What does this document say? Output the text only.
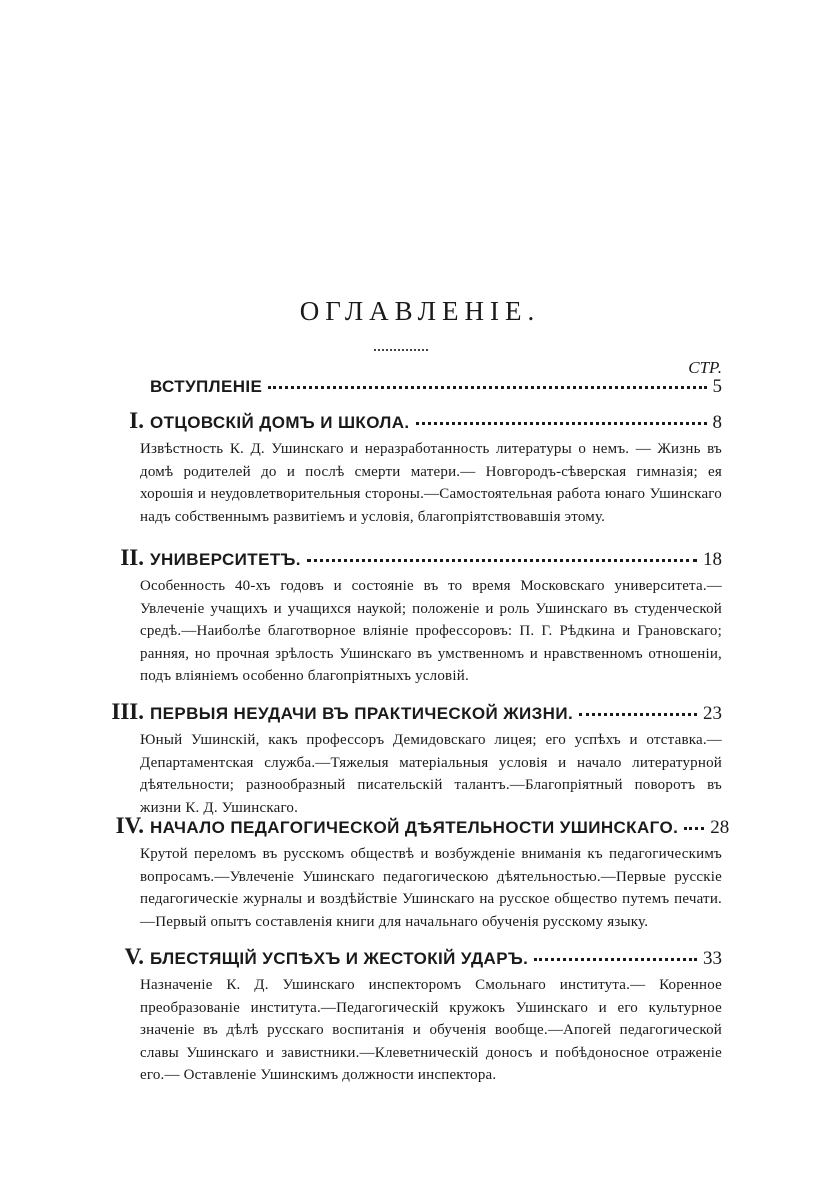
ОГЛАВЛЕНІЕ.
СТР.
ВСТУПЛЕНІЕ	5
I. ОТЦОВСКІЙ ДОМЪ И ШКОЛА.	8
Извѣстность К. Д. Ушинскаго и неразработанность литературы о немъ. — Жизнь въ домѣ родителей до и послѣ смерти матери.— Новгородъ-сѣверская гимназія; ея хорошія и неудовлетворительныя стороны.—Самостоятельная работа юнаго Ушинскаго надъ собственнымъ развитіемъ и условія, благопріятствовавшія этому.
II. УНИВЕРСИТЕТЪ.	18
Особенность 40-хъ годовъ и состояніе въ то время Московскаго университета.—Увлеченіе учащихъ и учащихся наукой; положеніе и роль Ушинскаго въ студенческой средѣ.—Наиболѣе благотворное вліяніе профессоровъ: П. Г. Рѣдкина и Грановскаго; ранняя, но прочная зрѣлость Ушинскаго въ умственномъ и нравственномъ отношеніи, подъ вліяніемъ особенно благопріятныхъ условій.
III. ПЕРВЫЯ НЕУДАЧИ ВЪ ПРАКТИЧЕСКОЙ ЖИЗНИ.	23
Юный Ушинскій, какъ профессоръ Демидовскаго лицея; его успѣхъ и отставка.—Департаментская служба.—Тяжелыя матеріальныя условія и начало литературной дѣятельности; разнообразный писательскій талантъ.—Благопріятный поворотъ въ жизни К. Д. Ушинскаго.
IV. НАЧАЛО ПЕДАГОГИЧЕСКОЙ ДѢЯТЕЛЬНОСТИ УШИНСКАГО. 28
Крутой переломъ въ русскомъ обществѣ и возбужденіе вниманія къ педагогическимъ вопросамъ.—Увлеченіе Ушинскаго педагогическою дѣятельностью.—Первые русскіе педагогическіе журналы и воздѣйствіе Ушинскаго на русское общество путемъ печати.—Первый опытъ составленія книги для начальнаго обученія русскому языку.
V. БЛЕСТЯЩІЙ УСПѢХЪ И ЖЕСТОКІЙ УДАРЪ.	33
Назначеніе К. Д. Ушинскаго инспекторомъ Смольнаго института.— Коренное преобразованіе института.—Педагогическій кружокъ Ушинскаго и его культурное значеніе въ дѣлѣ русскаго воспитанія и обученія вообще.—Апогей педагогической славы Ушинскаго и завистники.—Клеветническій доносъ и побѣдоносное отраженіе его.— Оставленіе Ушинскимъ должности инспектора.
